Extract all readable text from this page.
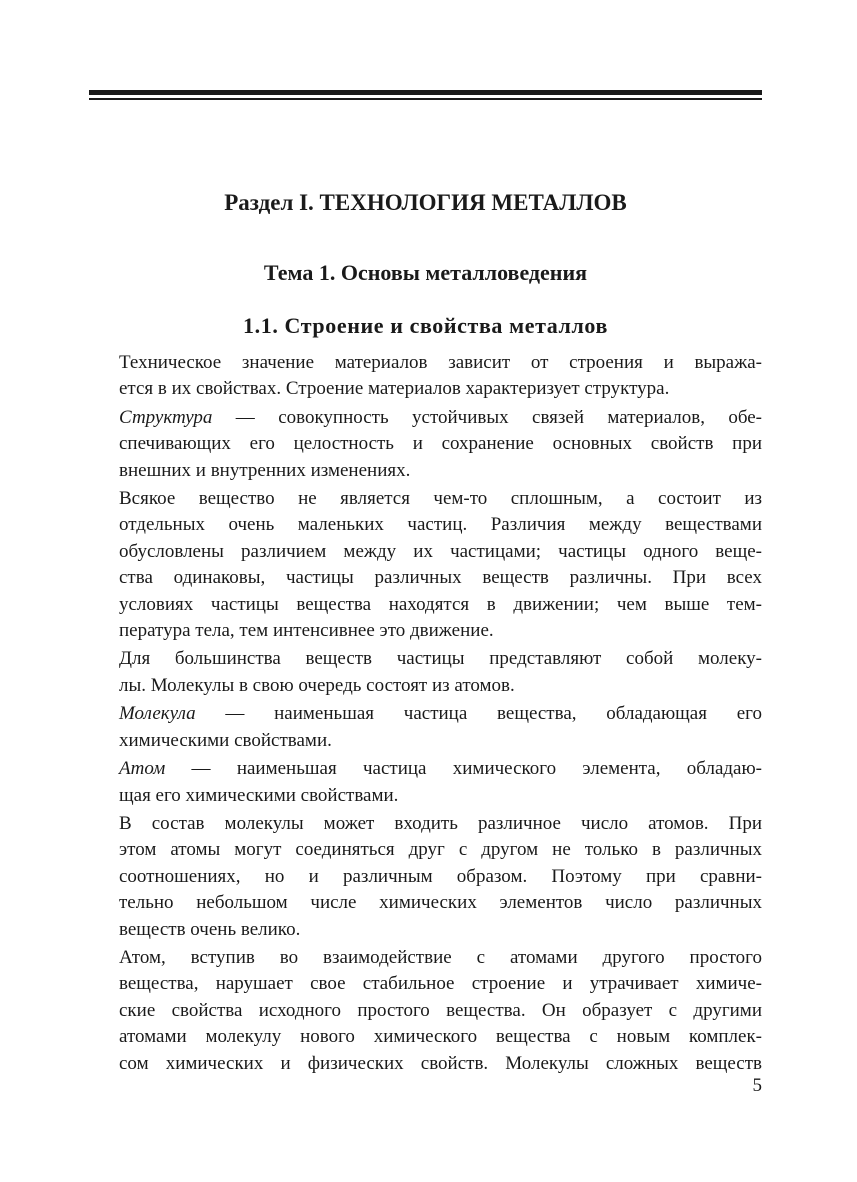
Раздел I. ТЕХНОЛОГИЯ МЕТАЛЛОВ
Тема 1. Основы металловедения
1.1. Строение и свойства металлов
Техническое значение материалов зависит от строения и выража-
ется в их свойствах. Строение материалов характеризует структура.
Структура — совокупность устойчивых связей материалов, обе-
спечивающих его целостность и сохранение основных свойств при
внешних и внутренних изменениях.
Всякое вещество не является чем-то сплошным, а состоит из
отдельных очень маленьких частиц. Различия между веществами
обусловлены различием между их частицами; частицы одного веще-
ства одинаковы, частицы различных веществ различны. При всех
условиях частицы вещества находятся в движении; чем выше тем-
пература тела, тем интенсивнее это движение.
Для большинства веществ частицы представляют собой молеку-
лы. Молекулы в свою очередь состоят из атомов.
Молекула — наименьшая частица вещества, обладающая его
химическими свойствами.
Атом — наименьшая частица химического элемента, обладаю-
щая его химическими свойствами.
В состав молекулы может входить различное число атомов. При
этом атомы могут соединяться друг с другом не только в различных
соотношениях, но и различным образом. Поэтому при сравни-
тельно небольшом числе химических элементов число различных
веществ очень велико.
Атом, вступив во взаимодействие с атомами другого простого
вещества, нарушает свое стабильное строение и утрачивает химиче-
ские свойства исходного простого вещества. Он образует с другими
атомами молекулу нового химического вещества с новым комплек-
сом химических и физических свойств. Молекулы сложных веществ
5
